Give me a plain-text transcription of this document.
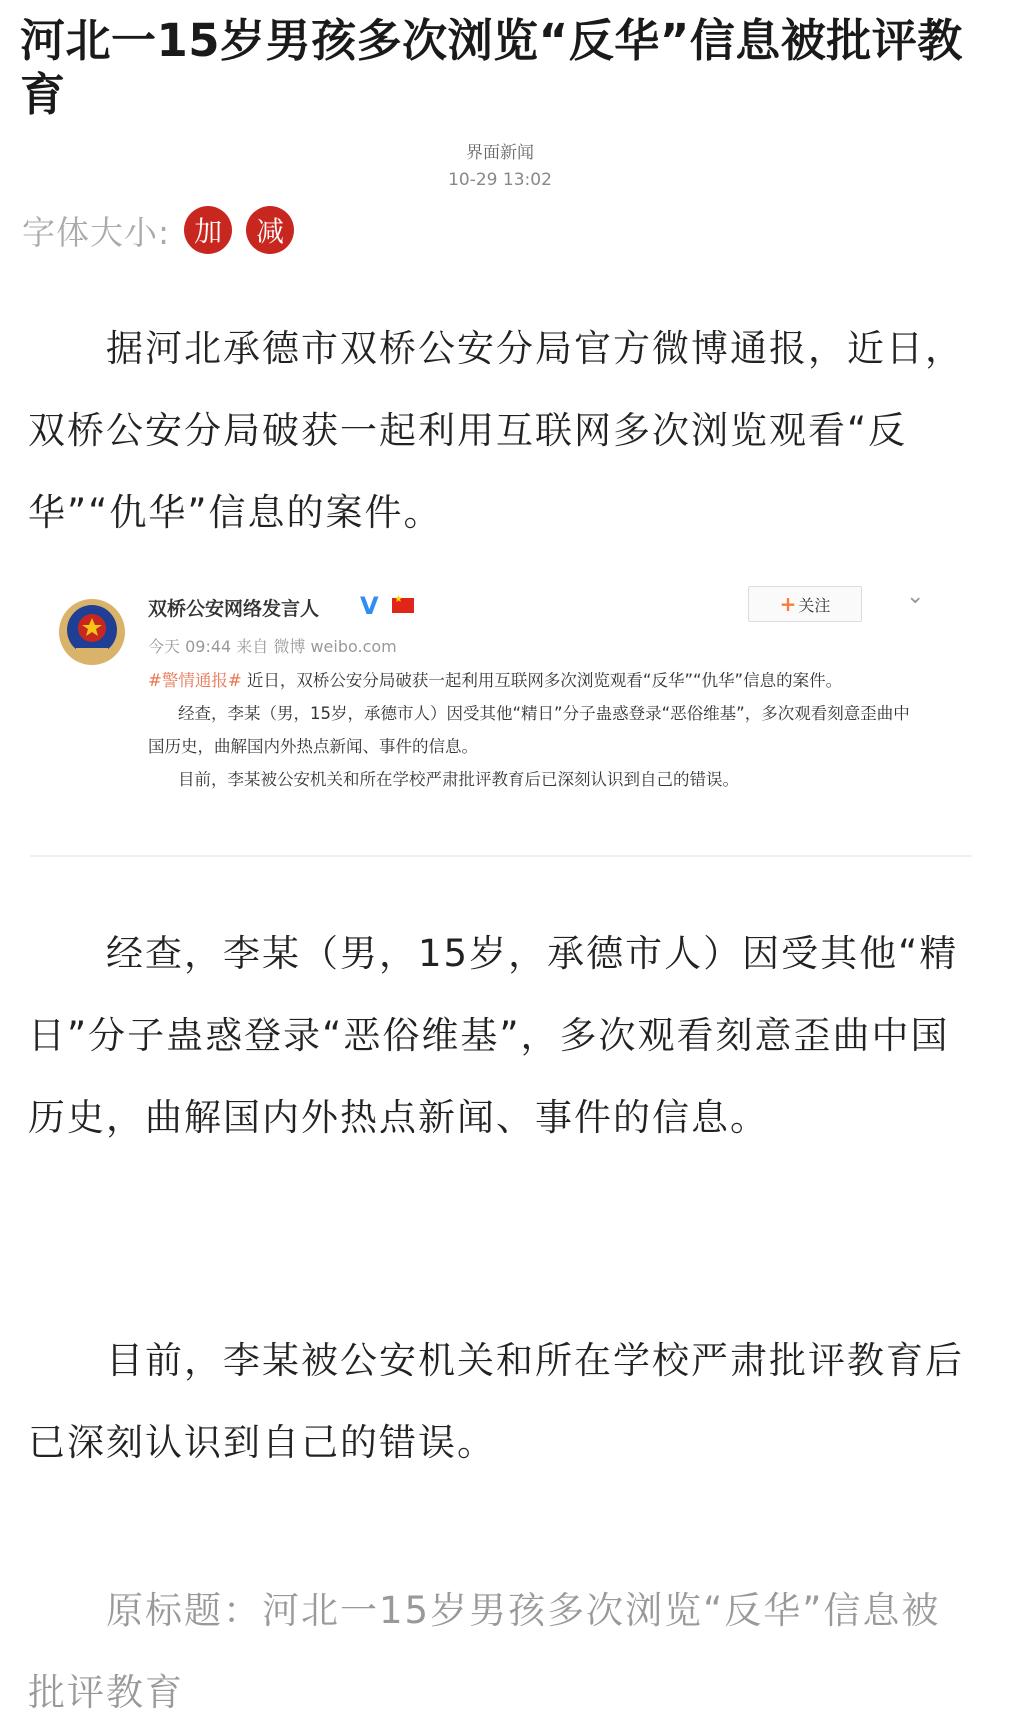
河北一15岁男孩多次浏览“反华”信息被批评教育
界面新闻
10-29 13:02
字体大小: 加	减
据河北承德市双桥公安分局官方微博通报，近日，双桥公安分局破获一起利用互联网多次浏览观看“反华”“仇华”信息的案件。
双桥公安网络发言人 V
★	+ 关注	⌄
今天 09:44 来自 微博 weibo.com
#警情通报# 近日，双桥公安分局破获一起利用互联网多次浏览观看“反华”“仇华”信息的案件。
经查，李某（男，15岁，承德市人）因受其他“精日”分子蛊惑登录“恶俗维基”，多次观看刻意歪曲中国历史，曲解国内外热点新闻、事件的信息。
目前，李某被公安机关和所在学校严肃批评教育后已深刻认识到自己的错误。
经查，李某（男，15岁，承德市人）因受其他“精日”分子蛊惑登录“恶俗维基”，多次观看刻意歪曲中国历史，曲解国内外热点新闻、事件的信息。
目前，李某被公安机关和所在学校严肃批评教育后已深刻认识到自己的错误。
原标题：河北一15岁男孩多次浏览“反华”信息被批评教育
